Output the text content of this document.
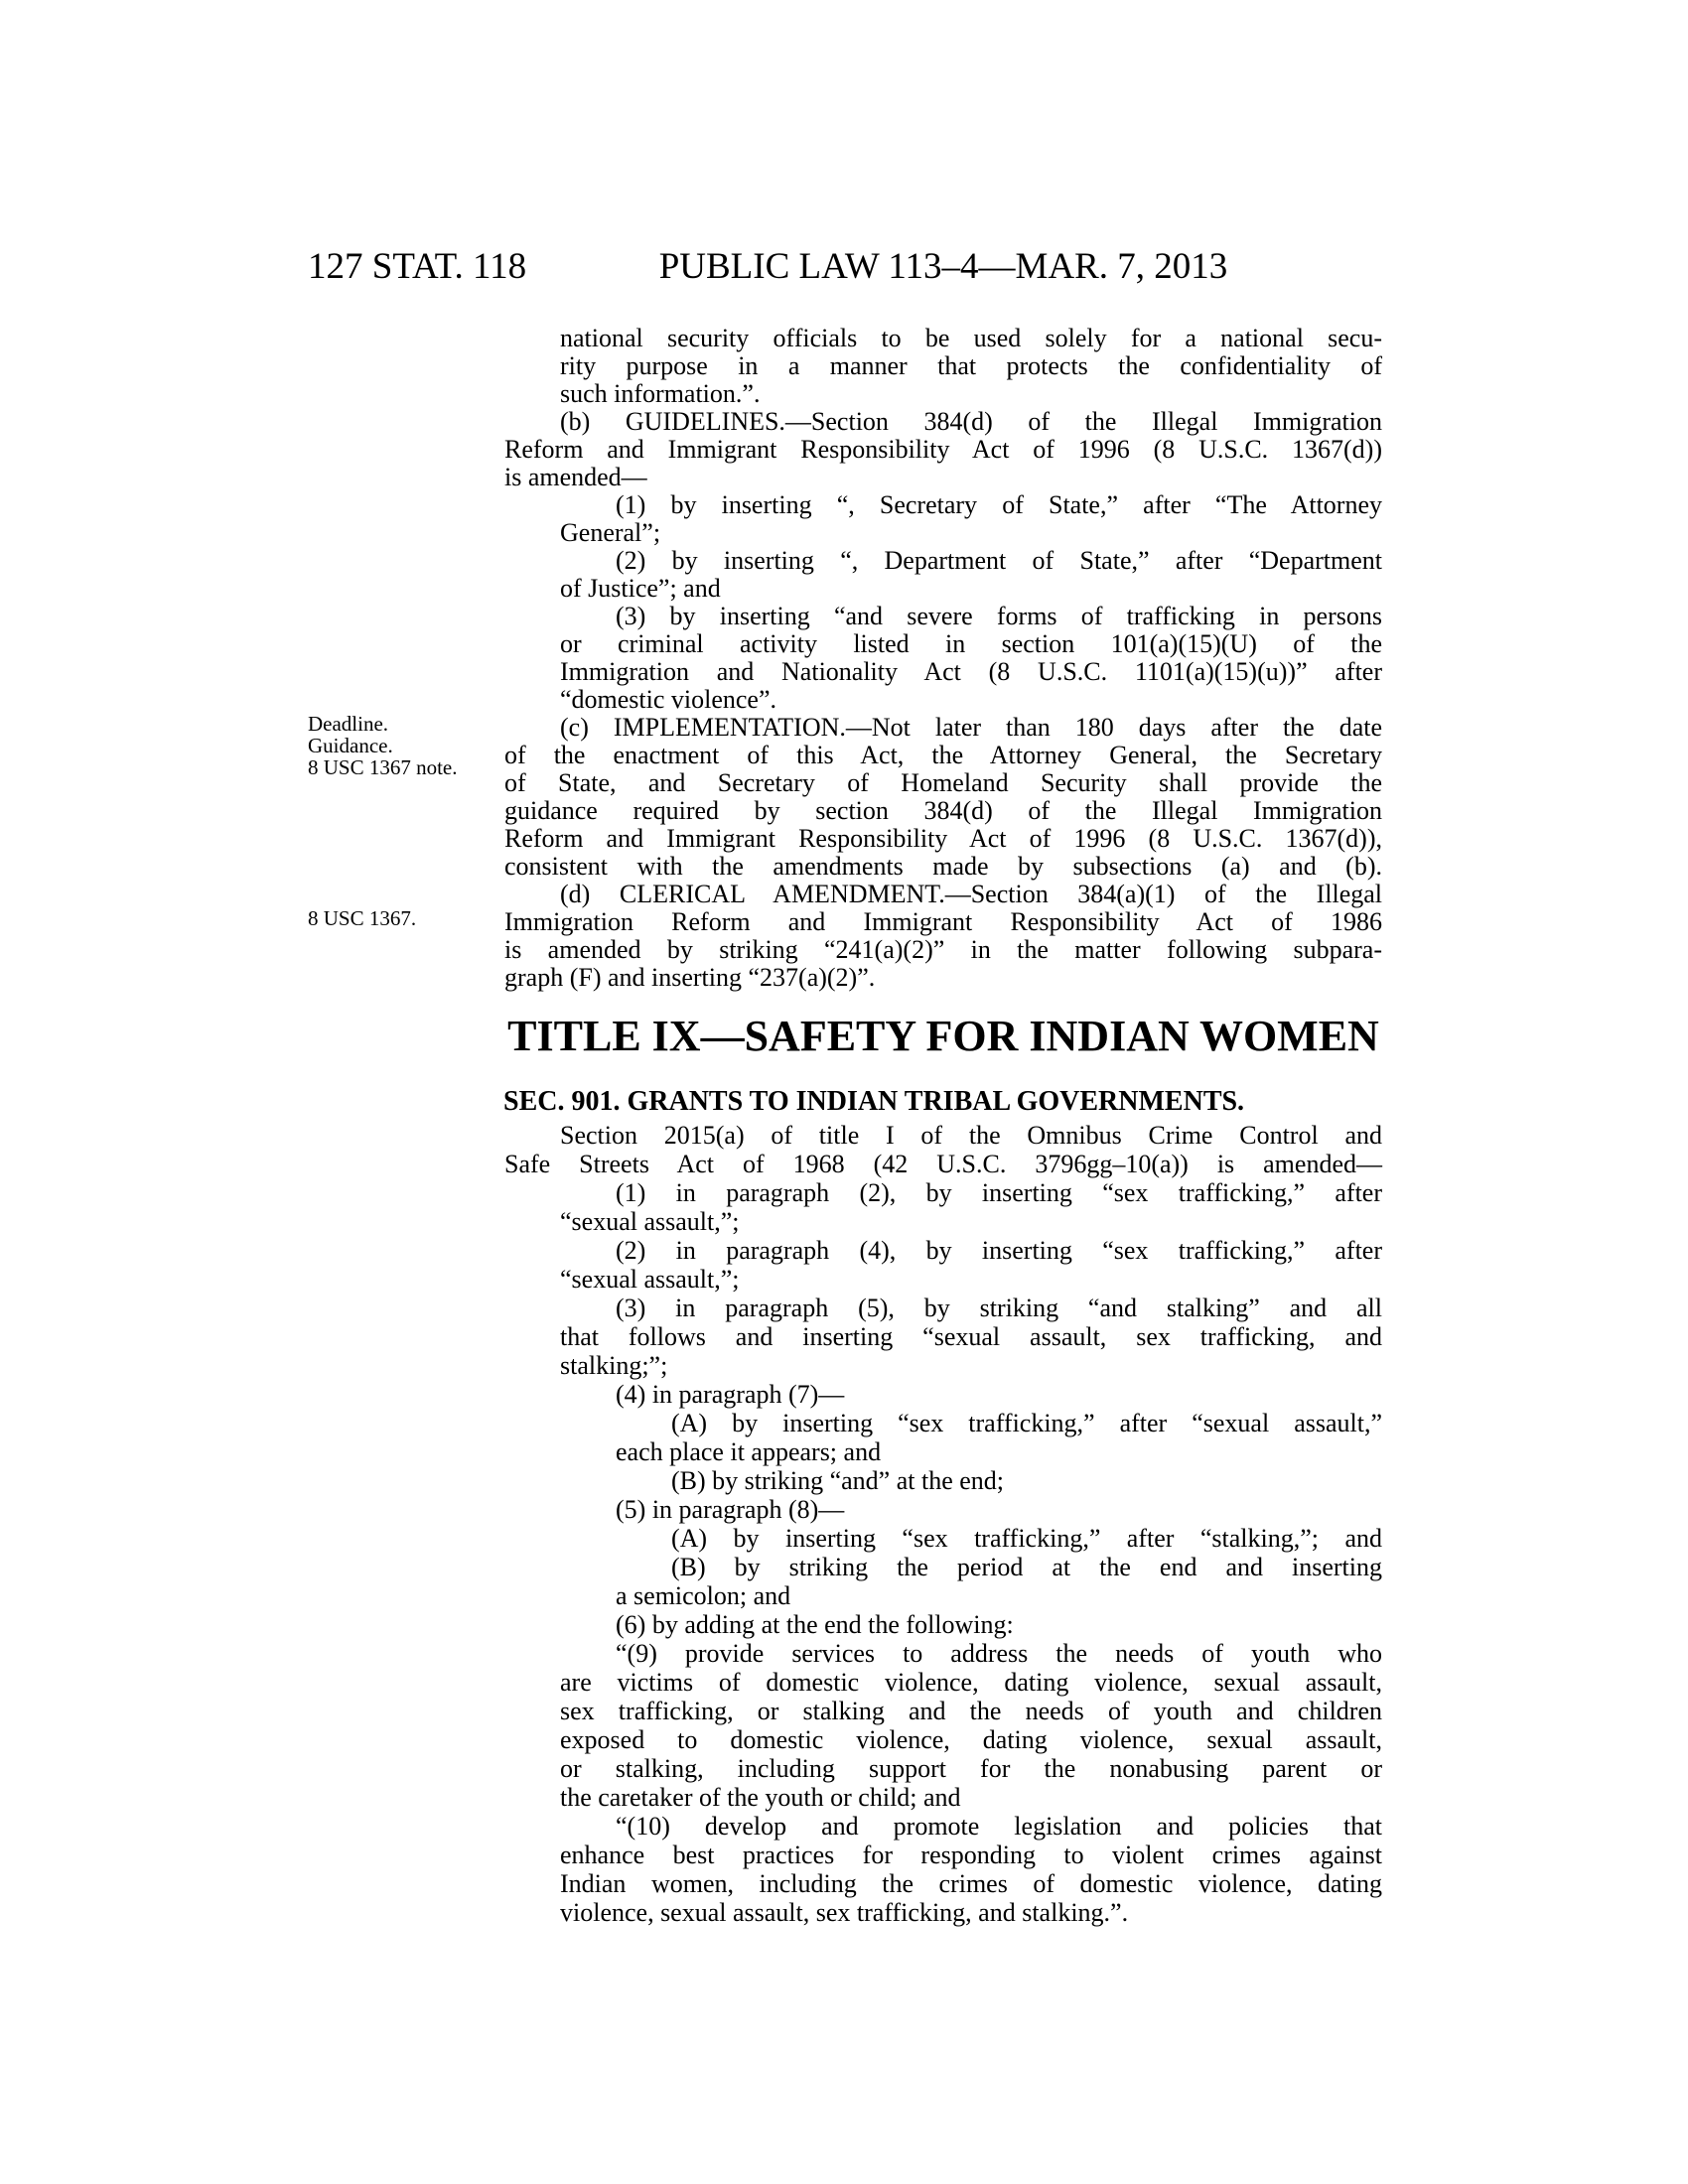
127 STAT. 118	PUBLIC LAW 113–4—MAR. 7, 2013
Deadline.
Guidance.
8 USC 1367 note.
8 USC 1367.
national security officials to be used solely for a national secu-
rity purpose in a manner that protects the confidentiality of
such information.”.
(b) GUIDELINES.—Section 384(d) of the Illegal Immigration
Reform and Immigrant Responsibility Act of 1996 (8 U.S.C. 1367(d))
is amended—
(1) by inserting “, Secretary of State,” after “The Attorney
General”;
(2) by inserting “, Department of State,” after “Department
of Justice”; and
(3) by inserting “and severe forms of trafficking in persons
or criminal activity listed in section 101(a)(15)(U) of the
Immigration and Nationality Act (8 U.S.C. 1101(a)(15)(u))” after
“domestic violence”.
(c) IMPLEMENTATION.—Not later than 180 days after the date
of the enactment of this Act, the Attorney General, the Secretary
of State, and Secretary of Homeland Security shall provide the
guidance required by section 384(d) of the Illegal Immigration
Reform and Immigrant Responsibility Act of 1996 (8 U.S.C. 1367(d)),
consistent with the amendments made by subsections (a) and (b).
(d) CLERICAL AMENDMENT.—Section 384(a)(1) of the Illegal
Immigration Reform and Immigrant Responsibility Act of 1986
is amended by striking “241(a)(2)” in the matter following subpara-
graph (F) and inserting “237(a)(2)”.
TITLE IX—SAFETY FOR INDIAN WOMEN
SEC. 901. GRANTS TO INDIAN TRIBAL GOVERNMENTS.
Section 2015(a) of title I of the Omnibus Crime Control and
Safe Streets Act of 1968 (42 U.S.C. 3796gg–10(a)) is amended—
(1) in paragraph (2), by inserting “sex trafficking,” after
“sexual assault,”;
(2) in paragraph (4), by inserting “sex trafficking,” after
“sexual assault,”;
(3) in paragraph (5), by striking “and stalking” and all
that follows and inserting “sexual assault, sex trafficking, and
stalking;”;
(4) in paragraph (7)—
(A) by inserting “sex trafficking,” after “sexual assault,”
each place it appears; and
(B) by striking “and” at the end;
(5) in paragraph (8)—
(A) by inserting “sex trafficking,” after “stalking,”; and
(B) by striking the period at the end and inserting
a semicolon; and
(6) by adding at the end the following:
“(9) provide services to address the needs of youth who
are victims of domestic violence, dating violence, sexual assault,
sex trafficking, or stalking and the needs of youth and children
exposed to domestic violence, dating violence, sexual assault,
or stalking, including support for the nonabusing parent or
the caretaker of the youth or child; and
“(10) develop and promote legislation and policies that
enhance best practices for responding to violent crimes against
Indian women, including the crimes of domestic violence, dating
violence, sexual assault, sex trafficking, and stalking.”.
